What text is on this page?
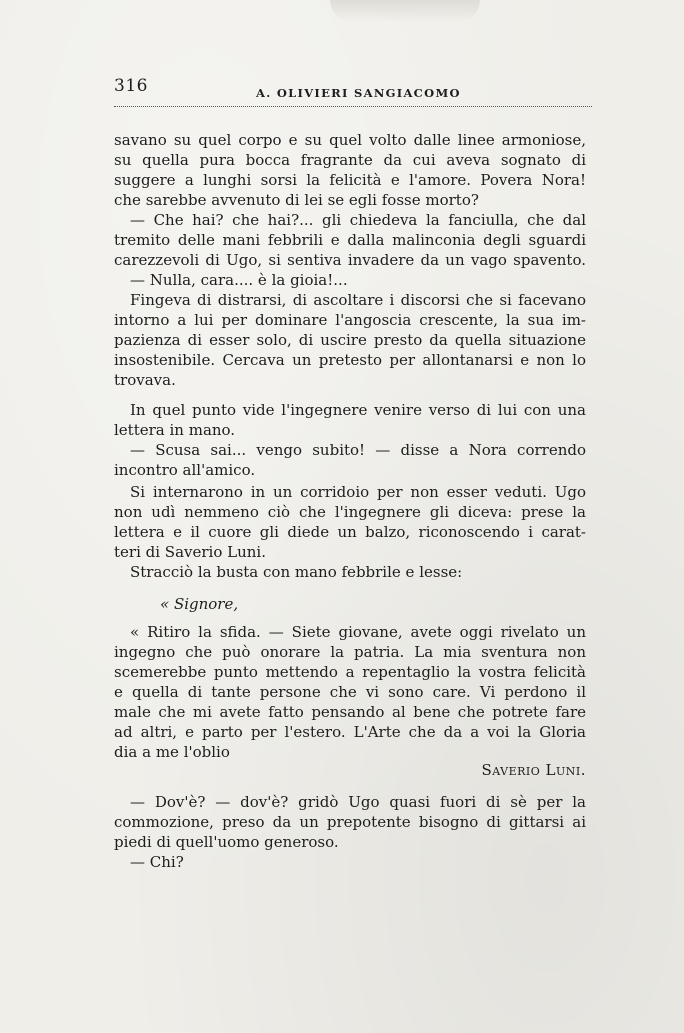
316	A. OLIVIERI SANGIACOMO
savano su quel corpo e su quel volto dalle linee armoniose,
su quella pura bocca fragrante da cui aveva sognato di
suggere a lunghi sorsi la felicità e l'amore. Povera Nora!
che sarebbe avvenuto di lei se egli fosse morto?
— Che hai? che hai?... gli chiedeva la fanciulla, che dal
tremito delle mani febbrili e dalla malinconia degli sguardi
carezzevoli di Ugo, si sentiva invadere da un vago spavento.
— Nulla, cara.... è la gioia!...
Fingeva di distrarsi, di ascoltare i discorsi che si facevano
intorno a lui per dominare l'angoscia crescente, la sua im-
pazienza di esser solo, di uscire presto da quella situazione
insostenibile. Cercava un pretesto per allontanarsi e non lo
trovava.
In quel punto vide l'ingegnere venire verso di lui con una
lettera in mano.
— Scusa sai... vengo subito! — disse a Nora correndo
incontro all'amico.
Si internarono in un corridoio per non esser veduti. Ugo
non udì nemmeno ciò che l'ingegnere gli diceva: prese la
lettera e il cuore gli diede un balzo, riconoscendo i carat-
teri di Saverio Luni.
Stracciò la busta con mano febbrile e lesse:
« Signore,
« Ritiro la sfida. — Siete giovane, avete oggi rivelato un
ingegno che può onorare la patria. La mia sventura non
scemerebbe punto mettendo a repentaglio la vostra felicità
e quella di tante persone che vi sono care. Vi perdono il
male che mi avete fatto pensando al bene che potrete fare
ad altri, e parto per l'estero. L'Arte che da a voi la Gloria
dia a me l'oblio
Saverio Luni.
— Dov'è? — dov'è? gridò Ugo quasi fuori di sè per la
commozione, preso da un prepotente bisogno di gittarsi ai
piedi di quell'uomo generoso.
— Chi?
